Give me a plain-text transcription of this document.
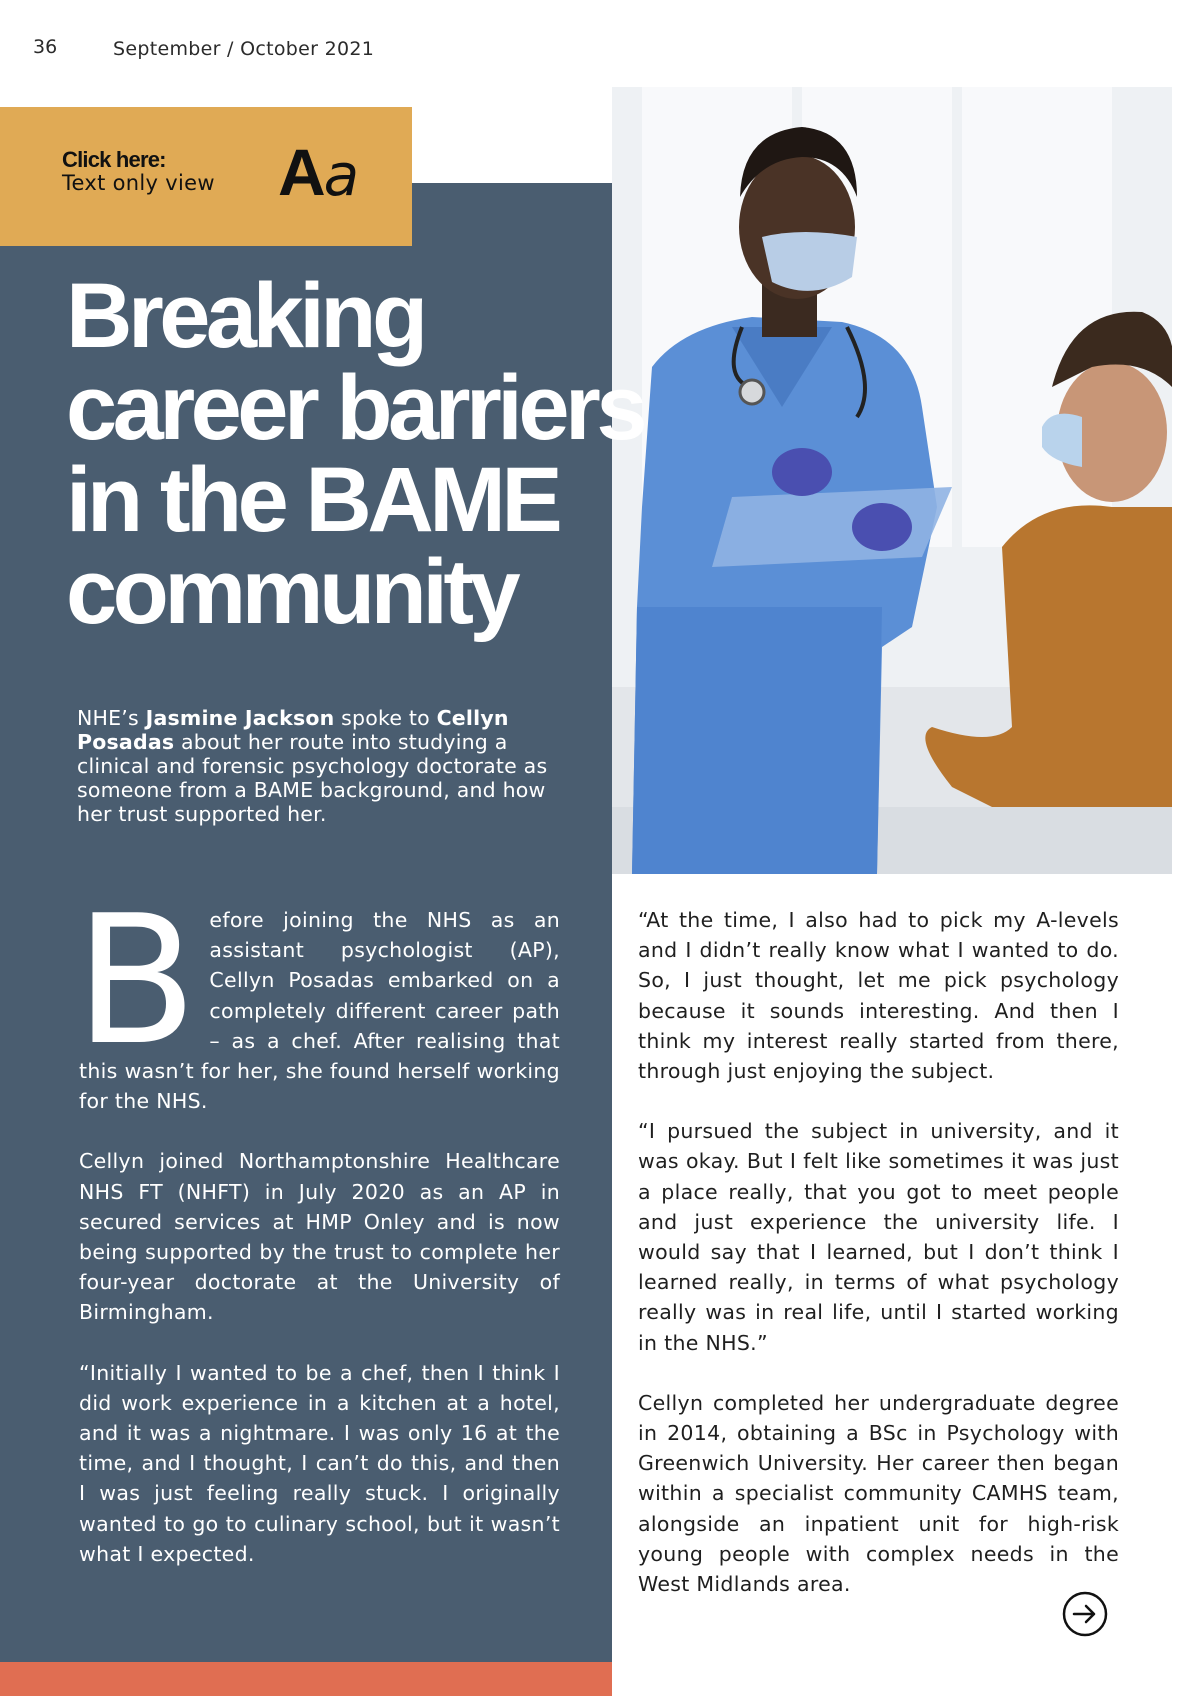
36	September / October 2021
Click here:
Text only view Aa
Breaking
career barriers
in the BAME
community

NHE’s Jasmine Jackson spoke to Cellyn
Posadas about her route into studying a clinical and forensic psychology doctorate as someone from a BAME background, and how her trust supported her.

Before joining the NHS as an assistant psychologist (AP), Cellyn Posadas embarked on a completely different career path – as a chef. After realising that this wasn’t for her, she found herself working for the NHS.

Cellyn joined Northamptonshire Healthcare NHS FT (NHFT) in July 2020 as an AP in secured services at HMP Onley and is now being supported by the trust to complete her four-year doctorate at the University of Birmingham.

“Initially I wanted to be a chef, then I think I did work experience in a kitchen at a hotel, and it was a nightmare. I was only 16 at the time, and I thought, I can’t do this, and then I was just feeling really stuck. I originally wanted to go to culinary school, but it wasn’t what I expected.

“At the time, I also had to pick my A-levels and I didn’t really know what I wanted to do. So, I just thought, let me pick psychology because it sounds interesting. And then I think my interest really started from there, through just enjoying the subject.

“I pursued the subject in university, and it was okay. But I felt like sometimes it was just a place really, that you got to meet people and just experience the university life. I would say that I learned, but I don’t think I learned really, in terms of what psychology really was in real life, until I started working in the NHS.”

Cellyn completed her undergraduate degree in 2014, obtaining a BSc in Psychology with Greenwich University. Her career then began within a specialist community CAMHS team, alongside an inpatient unit for high-risk young people with complex needs in the West Midlands area.
